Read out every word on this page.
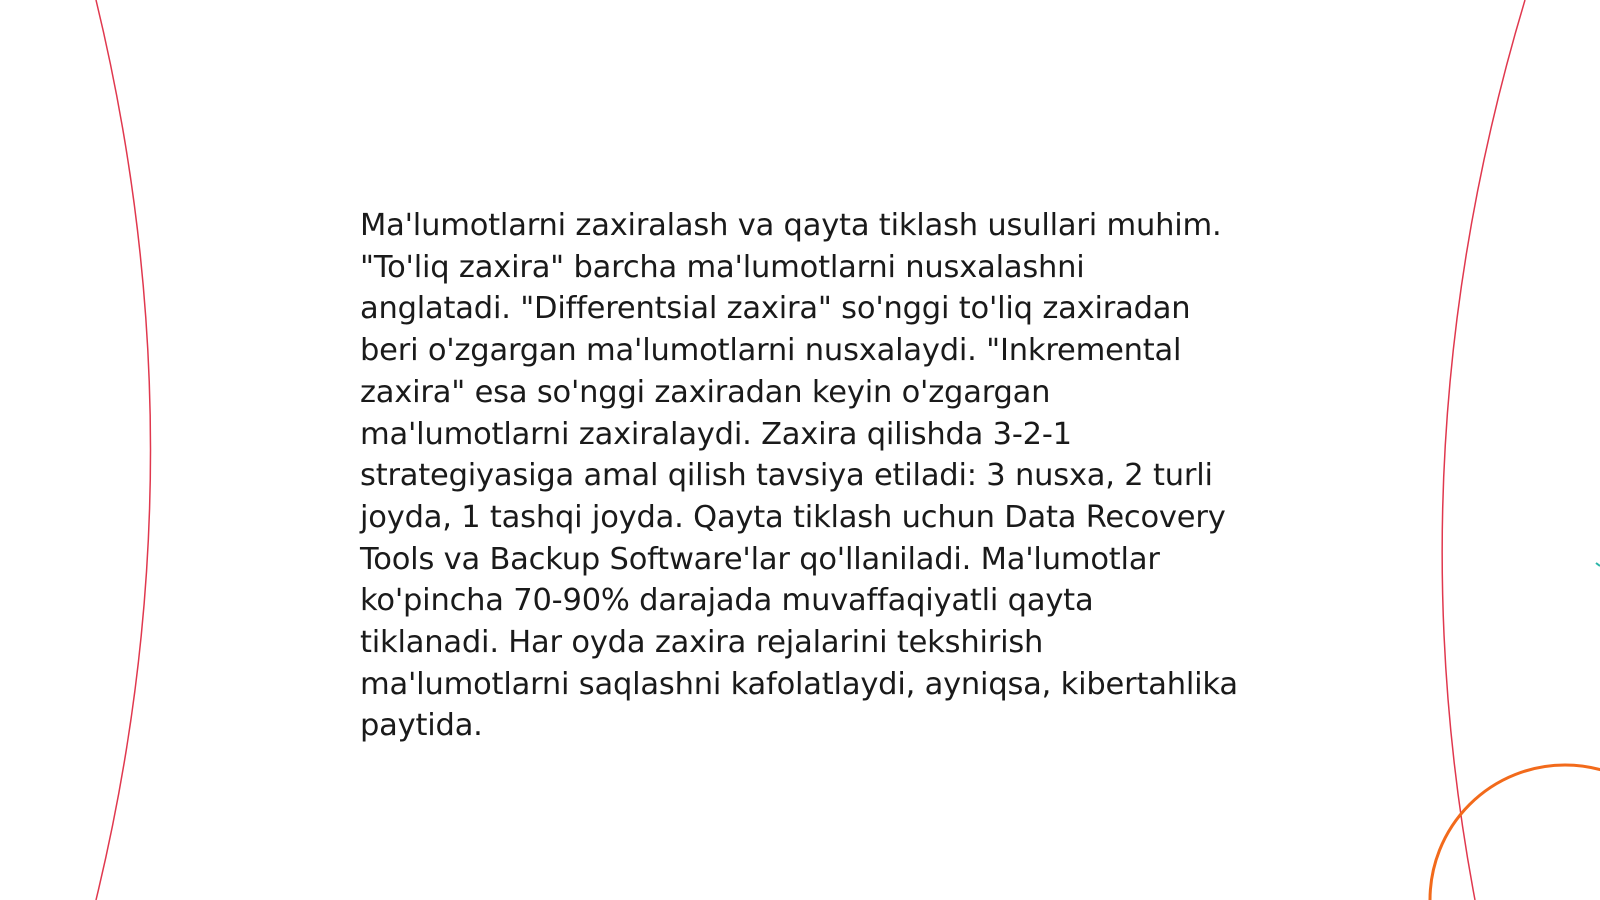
Ma'lumotlarni zaxiralash va qayta tiklash usullari muhim. "To'liq zaxira" barcha ma'lumotlarni nusxalashni anglatadi. "Differentsial zaxira" so'nggi to'liq zaxiradan beri o'zgargan ma'lumotlarni nusxalaydi. "Inkremental zaxira" esa so'nggi zaxiradan keyin o'zgargan ma'lumotlarni zaxiralaydi. Zaxira qilishda 3-2-1 strategiyasiga amal qilish tavsiya etiladi: 3 nusxa, 2 turli joyda, 1 tashqi joyda. Qayta tiklash uchun Data Recovery Tools va Backup Software'lar qo'llaniladi. Ma'lumotlar ko'pincha 70-90% darajada muvaffaqiyatli qayta tiklanadi. Har oyda zaxira rejalarini tekshirish ma'lumotlarni saqlashni kafolatlaydi, ayniqsa, kibertahlika paytida.
